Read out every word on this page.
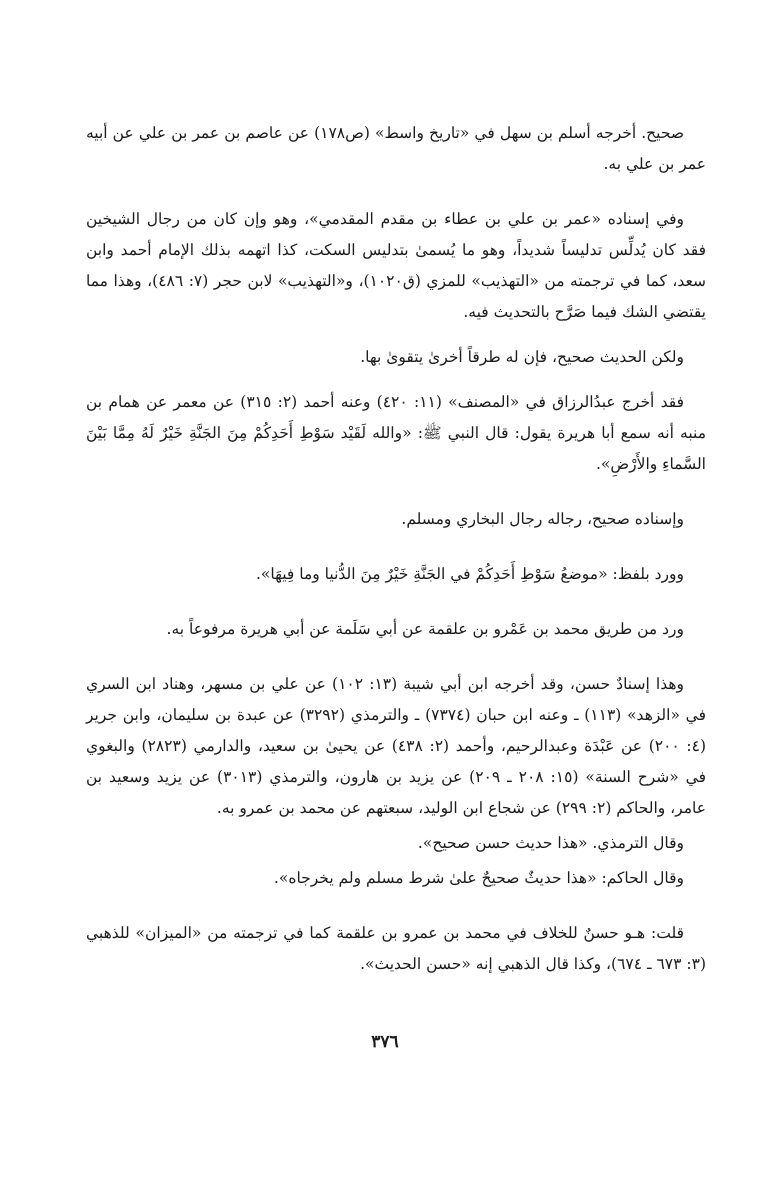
صحيح. أخرجه أسلم بن سهل في «تاريخ واسط» (ص١٧٨) عن عاصم بن عمر بن علي عن أبيه عمر بن علي به.

وفي إسناده «عمر بن علي بن عطاء بن مقدم المقدمي»، وهو وإن كان من رجال الشيخين فقد كان يُدلِّس تدليساً شديداً، وهو ما يُسمىٰ بتدليس السكت، كذا اتهمه بذلك الإمام أحمد وابن سعد، كما في ترجمته من «التهذيب» للمزي (ق١٠٢٠)، و«التهذيب» لابن حجر (٧: ٤٨٦)، وهذا مما يقتضي الشك فيما صَرَّح بالتحديث فيه.

ولكن الحديث صحيح، فإن له طرقاً أخرىٰ يتقوىٰ بها.

فقد أخرج عبدُالرزاق في «المصنف» (١١: ٤٢٠) وعنه أحمد (٢: ٣١٥) عن معمر عن همام بن منبه أنه سمع أبا هريرة يقول: قال النبي ﷺ: «والله لَقَيْد سَوْطِ أَحَدِكُمْ مِنَ الجَنَّةِ خَيْرٌ لَهُ مِمَّا بَيْنَ السَّماءِ والأَرْضِ».

وإسناده صحيح، رجاله رجال البخاري ومسلم.

وورد بلفظ: «موضعُ سَوْطِ أَحَدِكُمْ في الجَنَّةِ خَيْرٌ مِنَ الدُّنيا وما فِيهَا».

ورد من طريق محمد بن عَمْرو بن علقمة عن أبي سَلَمة عن أبي هريرة مرفوعاً به.

وهذا إسنادٌ حسن، وقد أخرجه ابن أبي شيبة (١٣: ١٠٢) عن علي بن مسهر، وهناد ابن السري في «الزهد» (١١٣) ـ وعنه ابن حبان (٧٣٧٤) ـ والترمذي (٣٢٩٢) عن عبدة بن سليمان، وابن جرير (٤: ٢٠٠) عن عَبْدَة وعبدالرحيم، وأحمد (٢: ٤٣٨) عن يحيىٰ بن سعيد، والدارمي (٢٨٢٣) والبغوي في «شرح السنة» (١٥: ٢٠٨ ـ ٢٠٩) عن يزيد بن هارون، والترمذي (٣٠١٣) عن يزيد وسعيد بن عامر، والحاكم (٢: ٢٩٩) عن شجاع ابن الوليد، سبعتهم عن محمد بن عمرو به.

وقال الترمذي. «هذا حديث حسن صحيح».

وقال الحاكم: «هذا حديثٌ صحيحٌ علىٰ شرط مسلم ولم يخرجاه».

قلت: هـو حسنٌ للخلاف في محمد بن عمرو بن علقمة كما في ترجمته من «الميزان» للذهبي (٣: ٦٧٣ ـ ٦٧٤)، وكذا قال الذهبي إنه «حسن الحديث».

٣٧٦
